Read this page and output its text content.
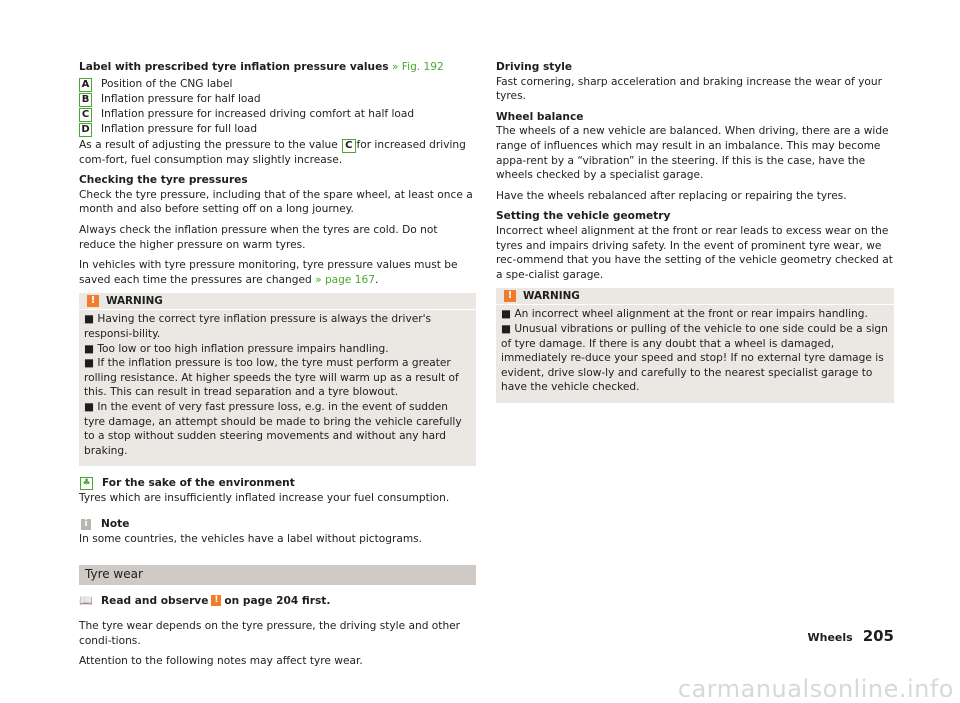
Label with prescribed tyre inflation pressure values » Fig. 192

A Position of the CNG label
B Inflation pressure for half load
C Inflation pressure for increased driving comfort at half load
D Inflation pressure for full load

As a result of adjusting the pressure to the value C for increased driving com-fort, fuel consumption may slightly increase.

Checking the tyre pressures
Check the tyre pressure, including that of the spare wheel, at least once a month and also before setting off on a long journey.

Always check the inflation pressure when the tyres are cold. Do not reduce the higher pressure on warm tyres.

In vehicles with tyre pressure monitoring, tyre pressure values must be saved each time the pressures are changed » page 167.

!	WARNING

■ Having the correct tyre inflation pressure is always the driver's responsi-bility.

■ Too low or too high inflation pressure impairs handling.

■ If the inflation pressure is too low, the tyre must perform a greater rolling resistance. At higher speeds the tyre will warm up as a result of this. This can result in tread separation and a tyre blowout.

■ In the event of very fast pressure loss, e.g. in the event of sudden tyre damage, an attempt should be made to bring the vehicle carefully to a stop without sudden steering movements and without any hard braking.

♣ For the sake of the environment

Tyres which are insufficiently inflated increase your fuel consumption.

i	Note

In some countries, the vehicles have a label without pictograms.

Tyre wear
📖 Read and observe ! on page 204 first.

The tyre wear depends on the tyre pressure, the driving style and other condi-tions.

Attention to the following notes may affect tyre wear.

Driving style
Fast cornering, sharp acceleration and braking increase the wear of your tyres.

Wheel balance
The wheels of a new vehicle are balanced. When driving, there are a wide range of influences which may result in an imbalance. This may become appa-rent by a “vibration” in the steering. If this is the case, have the wheels checked by a specialist garage.

Have the wheels rebalanced after replacing or repairing the tyres.

Setting the vehicle geometry
Incorrect wheel alignment at the front or rear leads to excess wear on the tyres and impairs driving safety. In the event of prominent tyre wear, we rec-ommend that you have the setting of the vehicle geometry checked at a spe-cialist garage.

!	WARNING

■ An incorrect wheel alignment at the front or rear impairs handling.

■ Unusual vibrations or pulling of the vehicle to one side could be a sign of tyre damage. If there is any doubt that a wheel is damaged, immediately re-duce your speed and stop! If no external tyre damage is evident, drive slow-ly and carefully to the nearest specialist garage to have the vehicle checked.

Wheels 205
carmanualsonline.info
